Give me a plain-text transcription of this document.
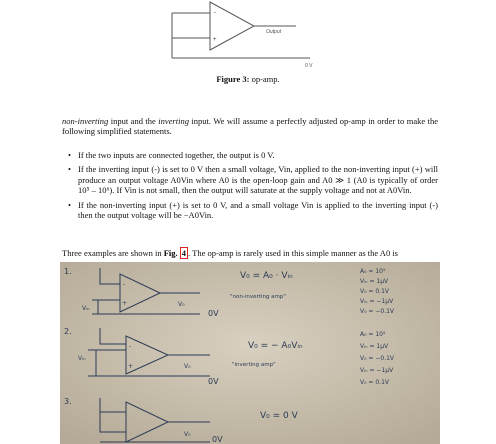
-
+
Output
0 V
Figure 3: op-amp.
non-inverting input and the inverting input. We will assume a perfectly adjusted op-amp in order to make the following simplified statements.
• If the two inputs are connected together, the output is 0 V.
• If the inverting input (-) is set to 0 V then a small voltage, Vin, applied to the non-inverting input (+) will produce an output voltage A0Vin where A0 is the open-loop gain and A0 ≫ 1 (A0 is typically of order 10⁵ – 10⁶). If Vin is not small, then the output will saturate at the supply voltage and not at A0Vin.
• If the non-inverting input (+) is set to 0 V, and a small voltage Vin is applied to the inverting input (-) then the output voltage will be −A0Vin.
Three examples are shown in Fig. 4 . The op-amp is rarely used in this simple manner as the A0 is
1.
-
+
Vᵢₙ
V₀
0V
V₀ = A₀ · Vᵢₙ
"non-inverting amp"
A₀ ≈ 10⁵
Vᵢₙ = 1μV
V₀ = 0.1V
Vᵢₙ = −1μV
V₀ = −0.1V
2.
-
+
Vᵢₙ
V₀
0V
V₀ = − A₀Vᵢₙ
"inverting amp"
A₀ = 10⁵
Vᵢₙ = 1μV
V₀ = −0.1V
Vᵢₙ = −1μV
V₀ = 0.1V
3.
V₀
0V
V₀ = 0 V
